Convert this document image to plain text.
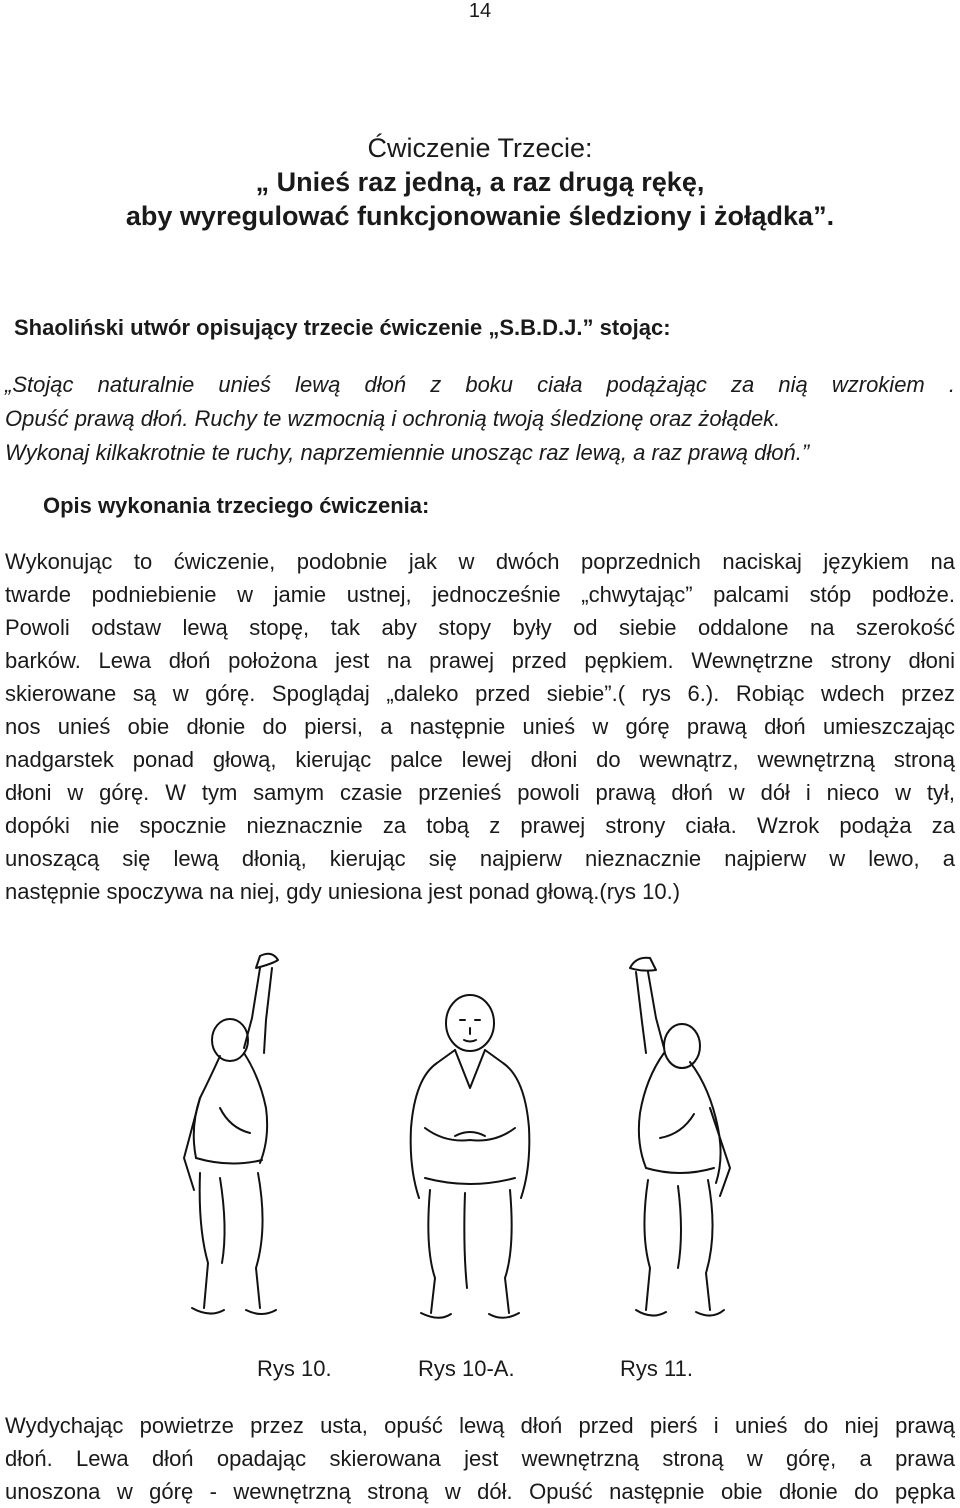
14
Ćwiczenie Trzecie:
„ Unieś raz jedną, a raz drugą rękę,
aby wyregulować funkcjonowanie śledziony i żołądka”.
Shaoliński utwór opisujący trzecie ćwiczenie „S.B.D.J.” stojąc:
„Stojąc naturalnie unieś lewą dłoń z boku ciała podążając za nią wzrokiem .
Opuść prawą dłoń. Ruchy te wzmocnią i ochronią twoją śledzionę oraz żołądek.
Wykonaj kilkakrotnie te ruchy, naprzemiennie unosząc raz lewą, a raz prawą dłoń.”
Opis wykonania trzeciego ćwiczenia:
Wykonując to ćwiczenie, podobnie jak w dwóch poprzednich naciskaj językiem na
twarde podniebienie w jamie ustnej, jednocześnie „chwytając” palcami stóp podłoże.
Powoli odstaw lewą stopę, tak aby stopy były od siebie oddalone na szerokość
barków. Lewa dłoń położona jest na prawej przed pępkiem. Wewnętrzne strony dłoni
skierowane są w górę. Spoglądaj „daleko przed siebie”.( rys 6.). Robiąc wdech przez
nos unieś obie dłonie do piersi, a następnie unieś w górę prawą dłoń umieszczając
nadgarstek ponad głową, kierując palce lewej dłoni do wewnątrz, wewnętrzną stroną
dłoni w górę. W tym samym czasie przenieś powoli prawą dłoń w dół i nieco w tył,
dopóki nie spocznie nieznacznie za tobą z prawej strony ciała. Wzrok podąża za
unoszącą się lewą dłonią, kierując się najpierw nieznacznie najpierw w lewo, a
następnie spoczywa na niej, gdy uniesiona jest ponad głową.(rys 10.)
Rys 10.	Rys 10-A.	Rys 11.
Wydychając powietrze przez usta, opuść lewą dłoń przed pierś i unieś do niej prawą
dłoń. Lewa dłoń opadając skierowana jest wewnętrzną stroną w górę, a prawa
unoszona w górę - wewnętrzną stroną w dół. Opuść następnie obie dłonie do pępka
